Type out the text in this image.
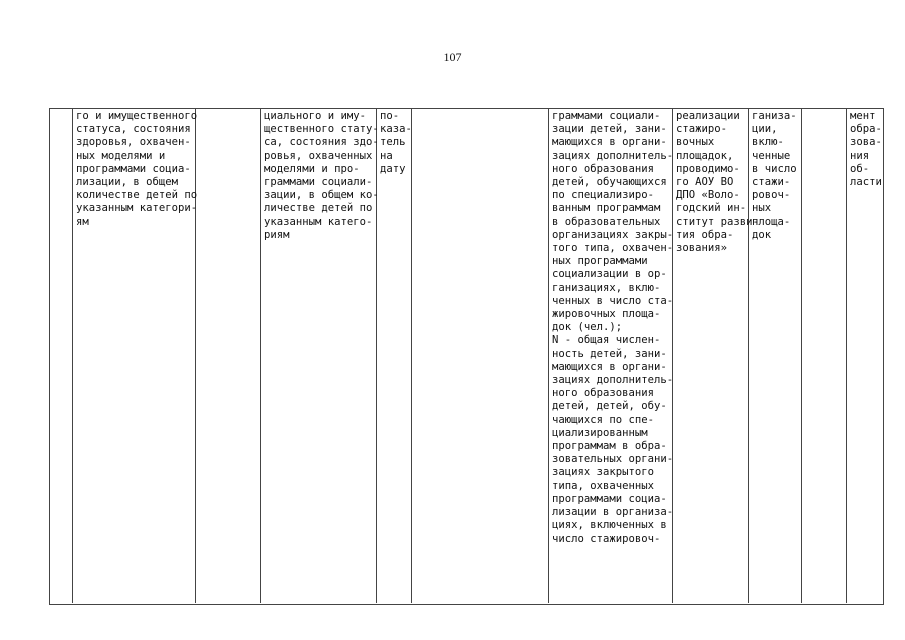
107
го и имущественного
статуса, состояния
здоровья, охвачен-
ных моделями и
программами социа-
лизации, в общем
количестве детей по
указанным категори-
ям
циального и иму-
щественного стату-
са, состояния здо-
ровья, охваченных
моделями и про-
граммами социали-
зации, в общем ко-
личестве детей по
указанным катего-
риям
по-
каза-
тель
на
дату
граммами социали-
зации детей, зани-
мающихся в органи-
зациях дополнитель-
ного образования
детей, обучающихся
по специализиро-
ванным программам
в образовательных
организациях закры-
того типа, охвачен-
ных программами
социализации в ор-
ганизациях, вклю-
ченных в число ста-
жировочных площа-
док (чел.);
N - общая числен-
ность детей, зани-
мающихся в органи-
зациях дополнитель-
ного образования
детей, детей, обу-
чающихся по спе-
циализированным
программам в обра-
зовательных органи-
зациях закрытого
типа, охваченных
программами социа-
лизации в организа-
циях, включенных в
число стажировоч-
реализации
стажиро-
вочных
площадок,
проводимо-
го АОУ ВО
ДПО «Воло-
годский ин-
ститут разви-
тия обра-
зования»
ганиза-
ции,
вклю-
ченные
в число
стажи-
ровоч-
ных
площа-
док
мент
обра-
зова-
ния
об-
ласти
